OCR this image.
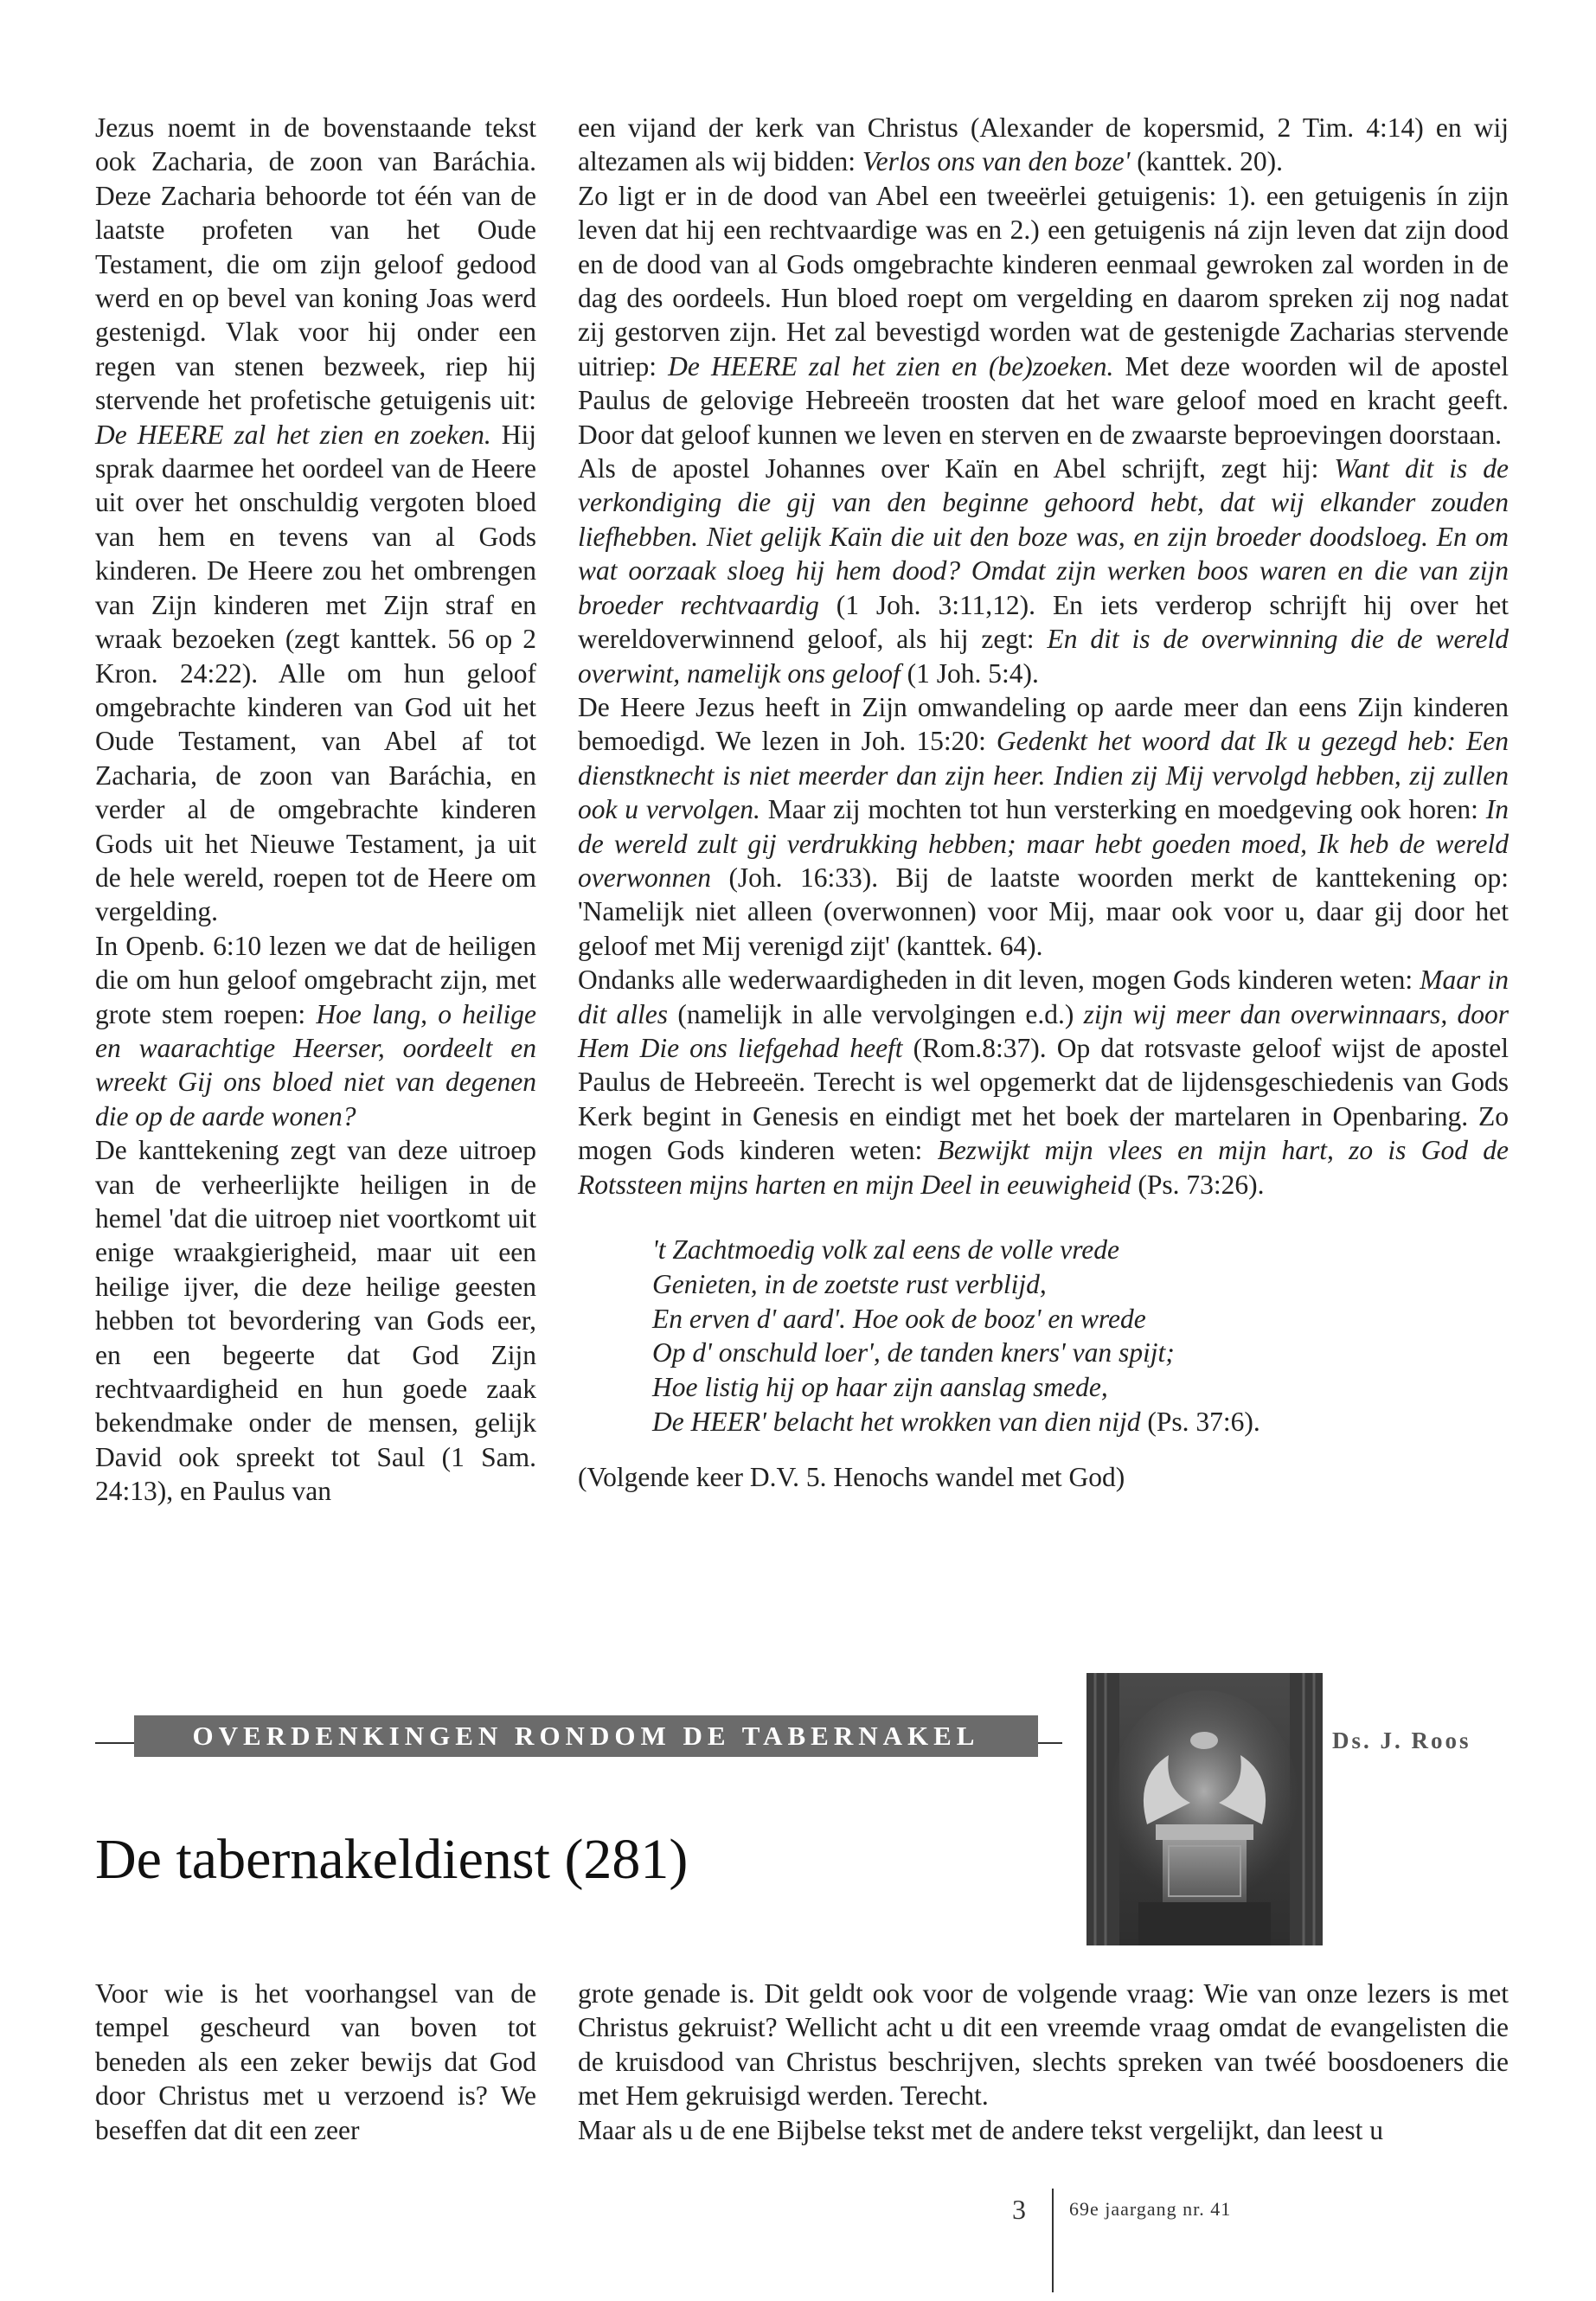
Jezus noemt in de bovenstaande tekst ook Zacharia, de zoon van Baráchia. Deze Zacharia behoorde tot één van de laatste profeten van het Oude Testament, die om zijn geloof gedood werd en op bevel van koning Joas werd gestenigd. Vlak voor hij onder een regen van stenen bezweek, riep hij stervende het profetische getuigenis uit: De HEERE zal het zien en zoeken. Hij sprak daarmee het oordeel van de Heere uit over het onschuldig vergoten bloed van hem en tevens van al Gods kinderen. De Heere zou het ombrengen van Zijn kinderen met Zijn straf en wraak bezoeken (zegt kanttek. 56 op 2 Kron. 24:22). Alle om hun geloof omgebrachte kinderen van God uit het Oude Testament, van Abel af tot Zacharia, de zoon van Baráchia, en verder al de omgebrachte kinderen Gods uit het Nieuwe Testament, ja uit de hele wereld, roepen tot de Heere om vergelding.

In Openb. 6:10 lezen we dat de heiligen die om hun geloof omgebracht zijn, met grote stem roepen: Hoe lang, o heilige en waarachtige Heerser, oordeelt en wreekt Gij ons bloed niet van degenen die op de aarde wonen?

De kanttekening zegt van deze uitroep van de verheerlijkte heiligen in de hemel 'dat die uitroep niet voortkomt uit enige wraakgierigheid, maar uit een heilige ijver, die deze heilige geesten hebben tot bevordering van Gods eer, en een begeerte dat God Zijn rechtvaardigheid en hun goede zaak bekendmake onder de mensen, gelijk David ook spreekt tot Saul (1 Sam. 24:13), en Paulus van

een vijand der kerk van Christus (Alexander de kopersmid, 2 Tim. 4:14) en wij altezamen als wij bidden: Verlos ons van den boze' (kanttek. 20).

Zo ligt er in de dood van Abel een tweeërlei getuigenis: 1). een getuigenis ín zijn leven dat hij een rechtvaardige was en 2.) een getuigenis ná zijn leven dat zijn dood en de dood van al Gods omgebrachte kinderen eenmaal gewroken zal worden in de dag des oordeels. Hun bloed roept om vergelding en daarom spreken zij nog nadat zij gestorven zijn. Het zal bevestigd worden wat de gestenigde Zacharias stervende uitriep: De HEERE zal het zien en (be)zoeken. Met deze woorden wil de apostel Paulus de gelovige Hebreeën troosten dat het ware geloof moed en kracht geeft. Door dat geloof kunnen we leven en sterven en de zwaarste beproevingen doorstaan.

Als de apostel Johannes over Kaïn en Abel schrijft, zegt hij: Want dit is de verkondiging die gij van den beginne gehoord hebt, dat wij elkander zouden liefhebben. Niet gelijk Kaïn die uit den boze was, en zijn broeder doodsloeg. En om wat oorzaak sloeg hij hem dood? Omdat zijn werken boos waren en die van zijn broeder rechtvaardig (1 Joh. 3:11,12). En iets verderop schrijft hij over het wereldoverwinnend geloof, als hij zegt: En dit is de overwinning die de wereld overwint, namelijk ons geloof (1 Joh. 5:4).

De Heere Jezus heeft in Zijn omwandeling op aarde meer dan eens Zijn kinderen bemoedigd. We lezen in Joh. 15:20: Gedenkt het woord dat Ik u gezegd heb: Een dienstknecht is niet meerder dan zijn heer. Indien zij Mij vervolgd hebben, zij zullen ook u vervolgen. Maar zij mochten tot hun versterking en moedgeving ook horen: In de wereld zult gij verdrukking hebben; maar hebt goeden moed, Ik heb de wereld overwonnen (Joh. 16:33). Bij de laatste woorden merkt de kanttekening op: 'Namelijk niet alleen (overwonnen) voor Mij, maar ook voor u, daar gij door het geloof met Mij verenigd zijt' (kanttek. 64).

Ondanks alle wederwaardigheden in dit leven, mogen Gods kinderen weten: Maar in dit alles (namelijk in alle vervolgingen e.d.) zijn wij meer dan overwinnaars, door Hem Die ons liefgehad heeft (Rom.8:37). Op dat rotsvaste geloof wijst de apostel Paulus de Hebreeën. Terecht is wel opgemerkt dat de lijdensgeschiedenis van Gods Kerk begint in Genesis en eindigt met het boek der martelaren in Openbaring. Zo mogen Gods kinderen weten: Bezwijkt mijn vlees en mijn hart, zo is God de Rotssteen mijns harten en mijn Deel in eeuwigheid (Ps. 73:26).

't Zachtmoedig volk zal eens de volle vrede
Genieten, in de zoetste rust verblijd,
En erven d' aard'. Hoe ook de booz' en wrede
Op d' onschuld loer', de tanden kners' van spijt;
Hoe listig hij op haar zijn aanslag smede,
De HEER' belacht het wrokken van dien nijd (Ps. 37:6).
(Volgende keer D.V. 5. Henochs wandel met God)
OVERDENKINGEN RONDOM DE TABERNAKEL	Ds. J. Roos
De tabernakeldienst (281)

Voor wie is het voorhangsel van de tempel gescheurd van boven tot beneden als een zeker bewijs dat God door Christus met u verzoend is? We beseffen dat dit een zeer

grote genade is. Dit geldt ook voor de volgende vraag: Wie van onze lezers is met Christus gekruist? Wellicht acht u dit een vreemde vraag omdat de evangelisten die de kruisdood van Christus beschrijven, slechts spreken van twéé boosdoeners die met Hem gekruisigd werden. Terecht.

Maar als u de ene Bijbelse tekst met de andere tekst vergelijkt, dan leest u

3 69e jaargang nr. 41
